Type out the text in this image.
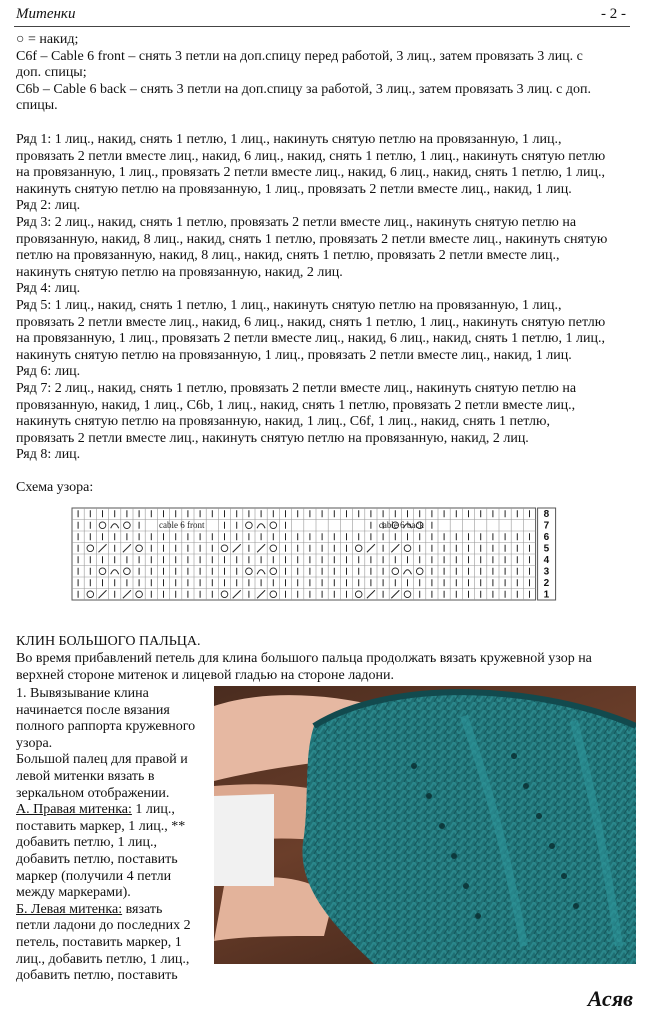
Митенки	- 2 -
○ = накид;
C6f – Cable 6 front – снять 3 петли на доп.спицу перед работой, 3 лиц., затем провязать 3 лиц. с
доп. спицы;
C6b – Cable 6 back – снять 3 петли на доп.спицу за работой, 3 лиц., затем провязать 3 лиц. с доп.
спицы.
Ряд 1: 1 лиц., накид, снять 1 петлю, 1 лиц., накинуть снятую петлю на провязанную, 1 лиц.,
провязать 2 петли вместе лиц., накид, 6 лиц., накид, снять 1 петлю, 1 лиц., накинуть снятую петлю
на провязанную, 1 лиц., провязать 2 петли вместе лиц., накид, 6 лиц., накид, снять 1 петлю, 1 лиц.,
накинуть снятую петлю на провязанную, 1 лиц., провязать 2 петли вместе лиц., накид, 1 лиц.
Ряд 2: лиц.
Ряд 3: 2 лиц., накид, снять 1 петлю, провязать 2 петли вместе лиц., накинуть снятую петлю на
провязанную, накид, 8 лиц., накид, снять 1 петлю, провязать 2 петли вместе лиц., накинуть снятую
петлю на провязанную, накид, 8 лиц., накид, снять 1 петлю, провязать 2 петли вместе лиц.,
накинуть снятую петлю на провязанную, накид, 2 лиц.
Ряд 4: лиц.
Ряд 5: 1 лиц., накид, снять 1 петлю, 1 лиц., накинуть снятую петлю на провязанную, 1 лиц.,
провязать 2 петли вместе лиц., накид, 6 лиц., накид, снять 1 петлю, 1 лиц., накинуть снятую петлю
на провязанную, 1 лиц., провязать 2 петли вместе лиц., накид, 6 лиц., накид, снять 1 петлю, 1 лиц.,
накинуть снятую петлю на провязанную, 1 лиц., провязать 2 петли вместе лиц., накид, 1 лиц.
Ряд 6: лиц.
Ряд 7: 2 лиц., накид, снять 1 петлю, провязать 2 петли вместе лиц., накинуть снятую петлю на
провязанную, накид, 1 лиц., C6b, 1 лиц., накид, снять 1 петлю, провязать 2 петли вместе лиц.,
накинуть снятую петлю на провязанную, накид, 1 лиц., C6f, 1 лиц., накид, снять 1 петлю,
провязать 2 петли вместе лиц., накинуть снятую петлю на провязанную, накид, 2 лиц.
Ряд 8: лиц.
Схема узора:
cable 6 front	cable 6 back
8
7
6
5
4
3
2
1
КЛИН БОЛЬШОГО ПАЛЬЦА.
Во время прибавлений петель для клина большого пальца продолжать вязать кружевной узор на
верхней стороне митенок и лицевой гладью на стороне ладони.
1. Вывязывание клина
начинается после вязания
полного раппорта кружевного
узора.
Большой палец для правой и
левой митенки вязать в
зеркальном отображении.
А. Правая митенка: 1 лиц.,
поставить маркер, 1 лиц., **
добавить петлю, 1 лиц.,
добавить петлю, поставить
маркер (получили 4 петли
между маркерами).
Б. Левая митенка: вязать
петли ладони до последних 2
петель, поставить маркер, 1
лиц., добавить петлю, 1 лиц.,
добавить петлю, поставить
Асяв
